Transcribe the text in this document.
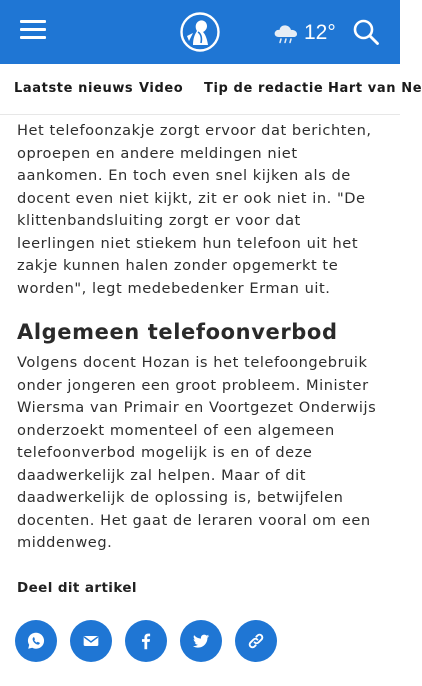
12°
Laatste nieuws Video Tip de redactie Hart van Ne

Het telefoonzakje zorgt ervoor dat berichten, oproepen en andere meldingen niet aankomen. En toch even snel kijken als de docent even niet kijkt, zit er ook niet in. "De klittenbandsluiting zorgt er voor dat leerlingen niet stiekem hun telefoon uit het zakje kunnen halen zonder opgemerkt te worden", legt medebedenker Erman uit.

Algemeen telefoonverbod

Volgens docent Hozan is het telefoongebruik onder jongeren een groot probleem. Minister Wiersma van Primair en Voortgezet Onderwijs onderzoekt momenteel of een algemeen telefoonverbod mogelijk is en of deze daadwerkelijk zal helpen. Maar of dit daadwerkelijk de oplossing is, betwijfelen docenten. Het gaat de leraren vooral om een middenweg.

Deel dit artikel
